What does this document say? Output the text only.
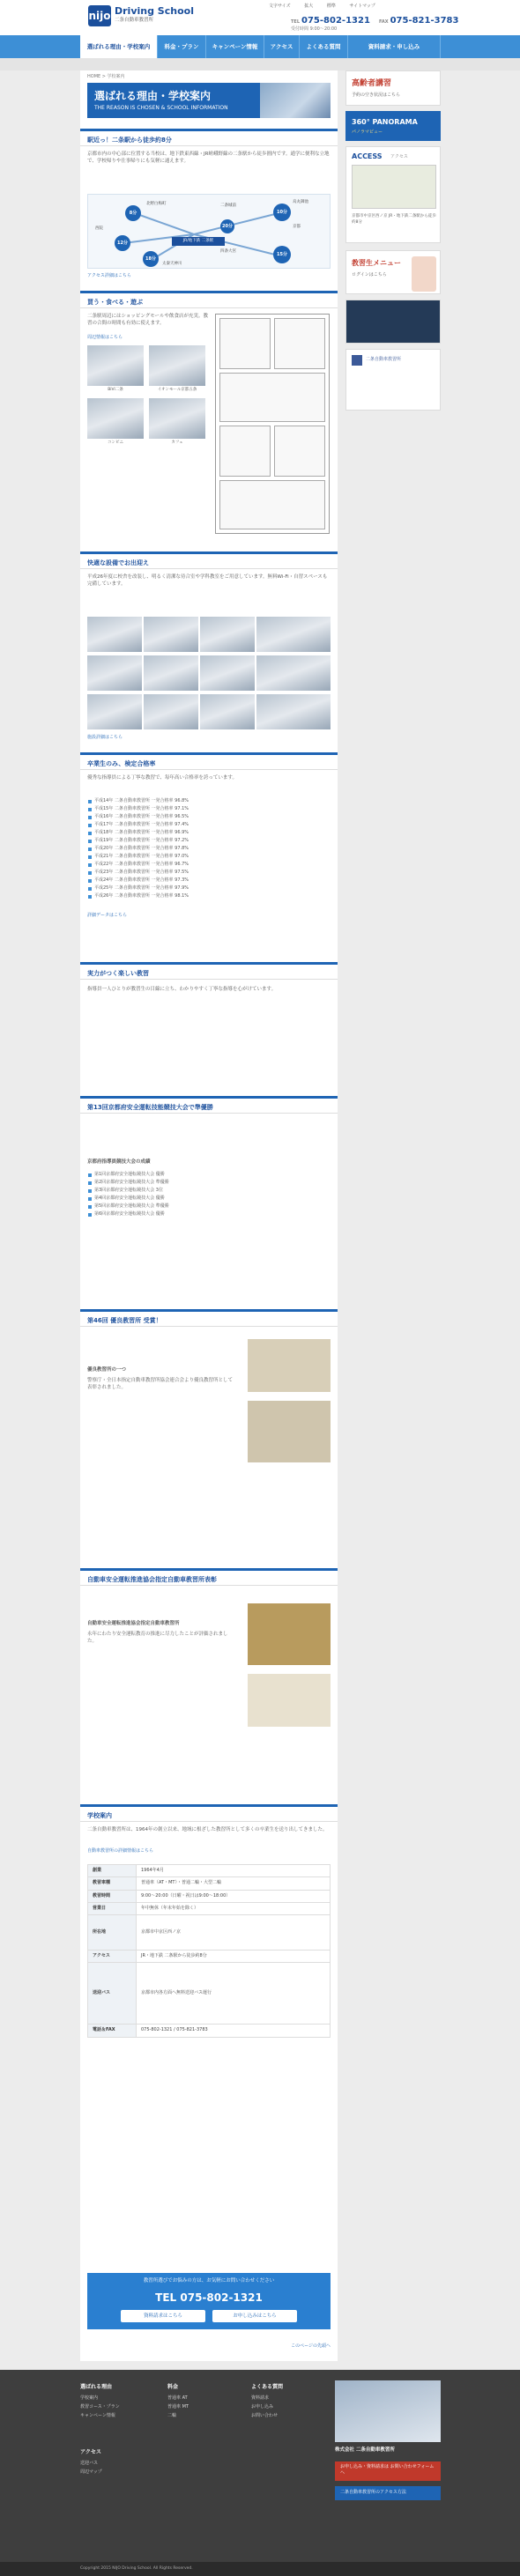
nijo Driving School
二条自動車教習所
文字サイズ	拡大	標準	サイトマップ
TEL 075-802-1321 FAX 075-821-3783
受付時間 9:00〜20:00
選ばれる理由・学校案内	料金・プラン	キャンペーン情報	アクセス	よくある質問	資料請求・申し込み
HOME > 学校案内
選ばれる理由・学校案内
THE REASON IS CHOSEN & SCHOOL INFORMATION
駅近っ！二条駅から徒歩約8分
京都市内の中心部に位置する当校は、地下鉄東西線・JR嵯峨野線の二条駅から徒歩圏内です。通学に便利な立地で、学校帰りや仕事帰りにも気軽に通えます。
8分	10分
12分
15分
18分
20分
JR/地下鉄 二条駅
北野白梅町	二条城前
京都
四条大宮
烏丸御池
西院
太秦天神川
アクセス詳細はこちら
買う・食べる・遊ぶ
二条駅周辺にはショッピングモールや飲食店が充実。教習の合間の時間も有効に使えます。
周辺情報はこちら
BiVi二条	イオンモール京都五条
コンビニ	カフェ
快適な設備でお出迎え
平成26年度に校舎を改装し、明るく清潔な待合室や学科教室をご用意しています。無料Wi-Fi・自習スペースも完備しています。
施設詳細はこちら
卒業生のみ、検定合格率
優秀な指導員による丁寧な教習で、毎年高い合格率を誇っています。
平成14年 二条自動車教習所 一発合格率 96.8%
平成15年 二条自動車教習所 一発合格率 97.1%
平成16年 二条自動車教習所 一発合格率 96.5%
平成17年 二条自動車教習所 一発合格率 97.4%
平成18年 二条自動車教習所 一発合格率 96.9%
平成19年 二条自動車教習所 一発合格率 97.2%
平成20年 二条自動車教習所 一発合格率 97.8%
平成21年 二条自動車教習所 一発合格率 97.0%
平成22年 二条自動車教習所 一発合格率 96.7%
平成23年 二条自動車教習所 一発合格率 97.5%
平成24年 二条自動車教習所 一発合格率 97.3%
平成25年 二条自動車教習所 一発合格率 97.9%
平成26年 二条自動車教習所 一発合格率 98.1%
詳細データはこちら
実力がつく楽しい教習
指導員一人ひとりが教習生の目線に立ち、わかりやすく丁寧な指導を心がけています。
第13回京都府安全運転技能競技大会で準優勝
京都府指導員競技大会の成績
第1回京都府安全運転競技大会 優勝
第2回京都府安全運転競技大会 準優勝
第3回京都府安全運転競技大会 3位
第4回京都府安全運転競技大会 優勝
第5回京都府安全運転競技大会 準優勝
第6回京都府安全運転競技大会 優勝
第46回 優良教習所 受賞！
優良教習所の一つ
警察庁・全日本指定自動車教習所協会連合会より優良教習所として表彰されました。
自動車安全運転推進協会指定自動車教習所表彰
自動車安全運転推進協会指定自動車教習所
永年にわたり安全運転教育の推進に尽力したことが評価されました。
学校案内
二条自動車教習所は、1964年の創立以来、地域に根ざした教習所として多くの卒業生を送り出してきました。
自動車教習所の詳細情報はこちら
創業	1964年4月
教習車種	普通車（AT・MT）・普通二輪・大型二輪
教習時間	9:00〜20:00（日曜・祝日は9:00〜18:00）
営業日	年中無休（年末年始を除く）
所在地	京都市中京区西ノ京
アクセス	JR・地下鉄 二条駅から徒歩約8分
送迎バス	京都市内各方面へ無料送迎バス運行
電話＆FAX	075-802-1321 / 075-821-3783
教習所選びでお悩みの方は、お気軽にお問い合わせください
TEL 075-802-1321
資料請求はこちら	お申し込みはこちら
このページの先頭へ
高齢者講習
予約の空き状況はこちら
360° PANORAMA
パノラマビュー
ACCESS アクセス
京都市中京区西ノ京 JR・地下鉄二条駅から徒歩約8分
教習生メニュー
ログインはこちら
二条自動車教習所
選ばれる理由
学校案内
教習コース・プラン
キャンペーン情報
アクセス
送迎バス
周辺マップ
料金
普通車 AT
普通車 MT
二輪
よくある質問
資料請求
お申し込み
お問い合わせ
株式会社 二条自動車教習所
お申し込み・資料請求は お問い合わせフォームへ
二条自動車教習所のアクセス方法
Copyright 2015 NIJO Driving School. All Rights Reserved.
